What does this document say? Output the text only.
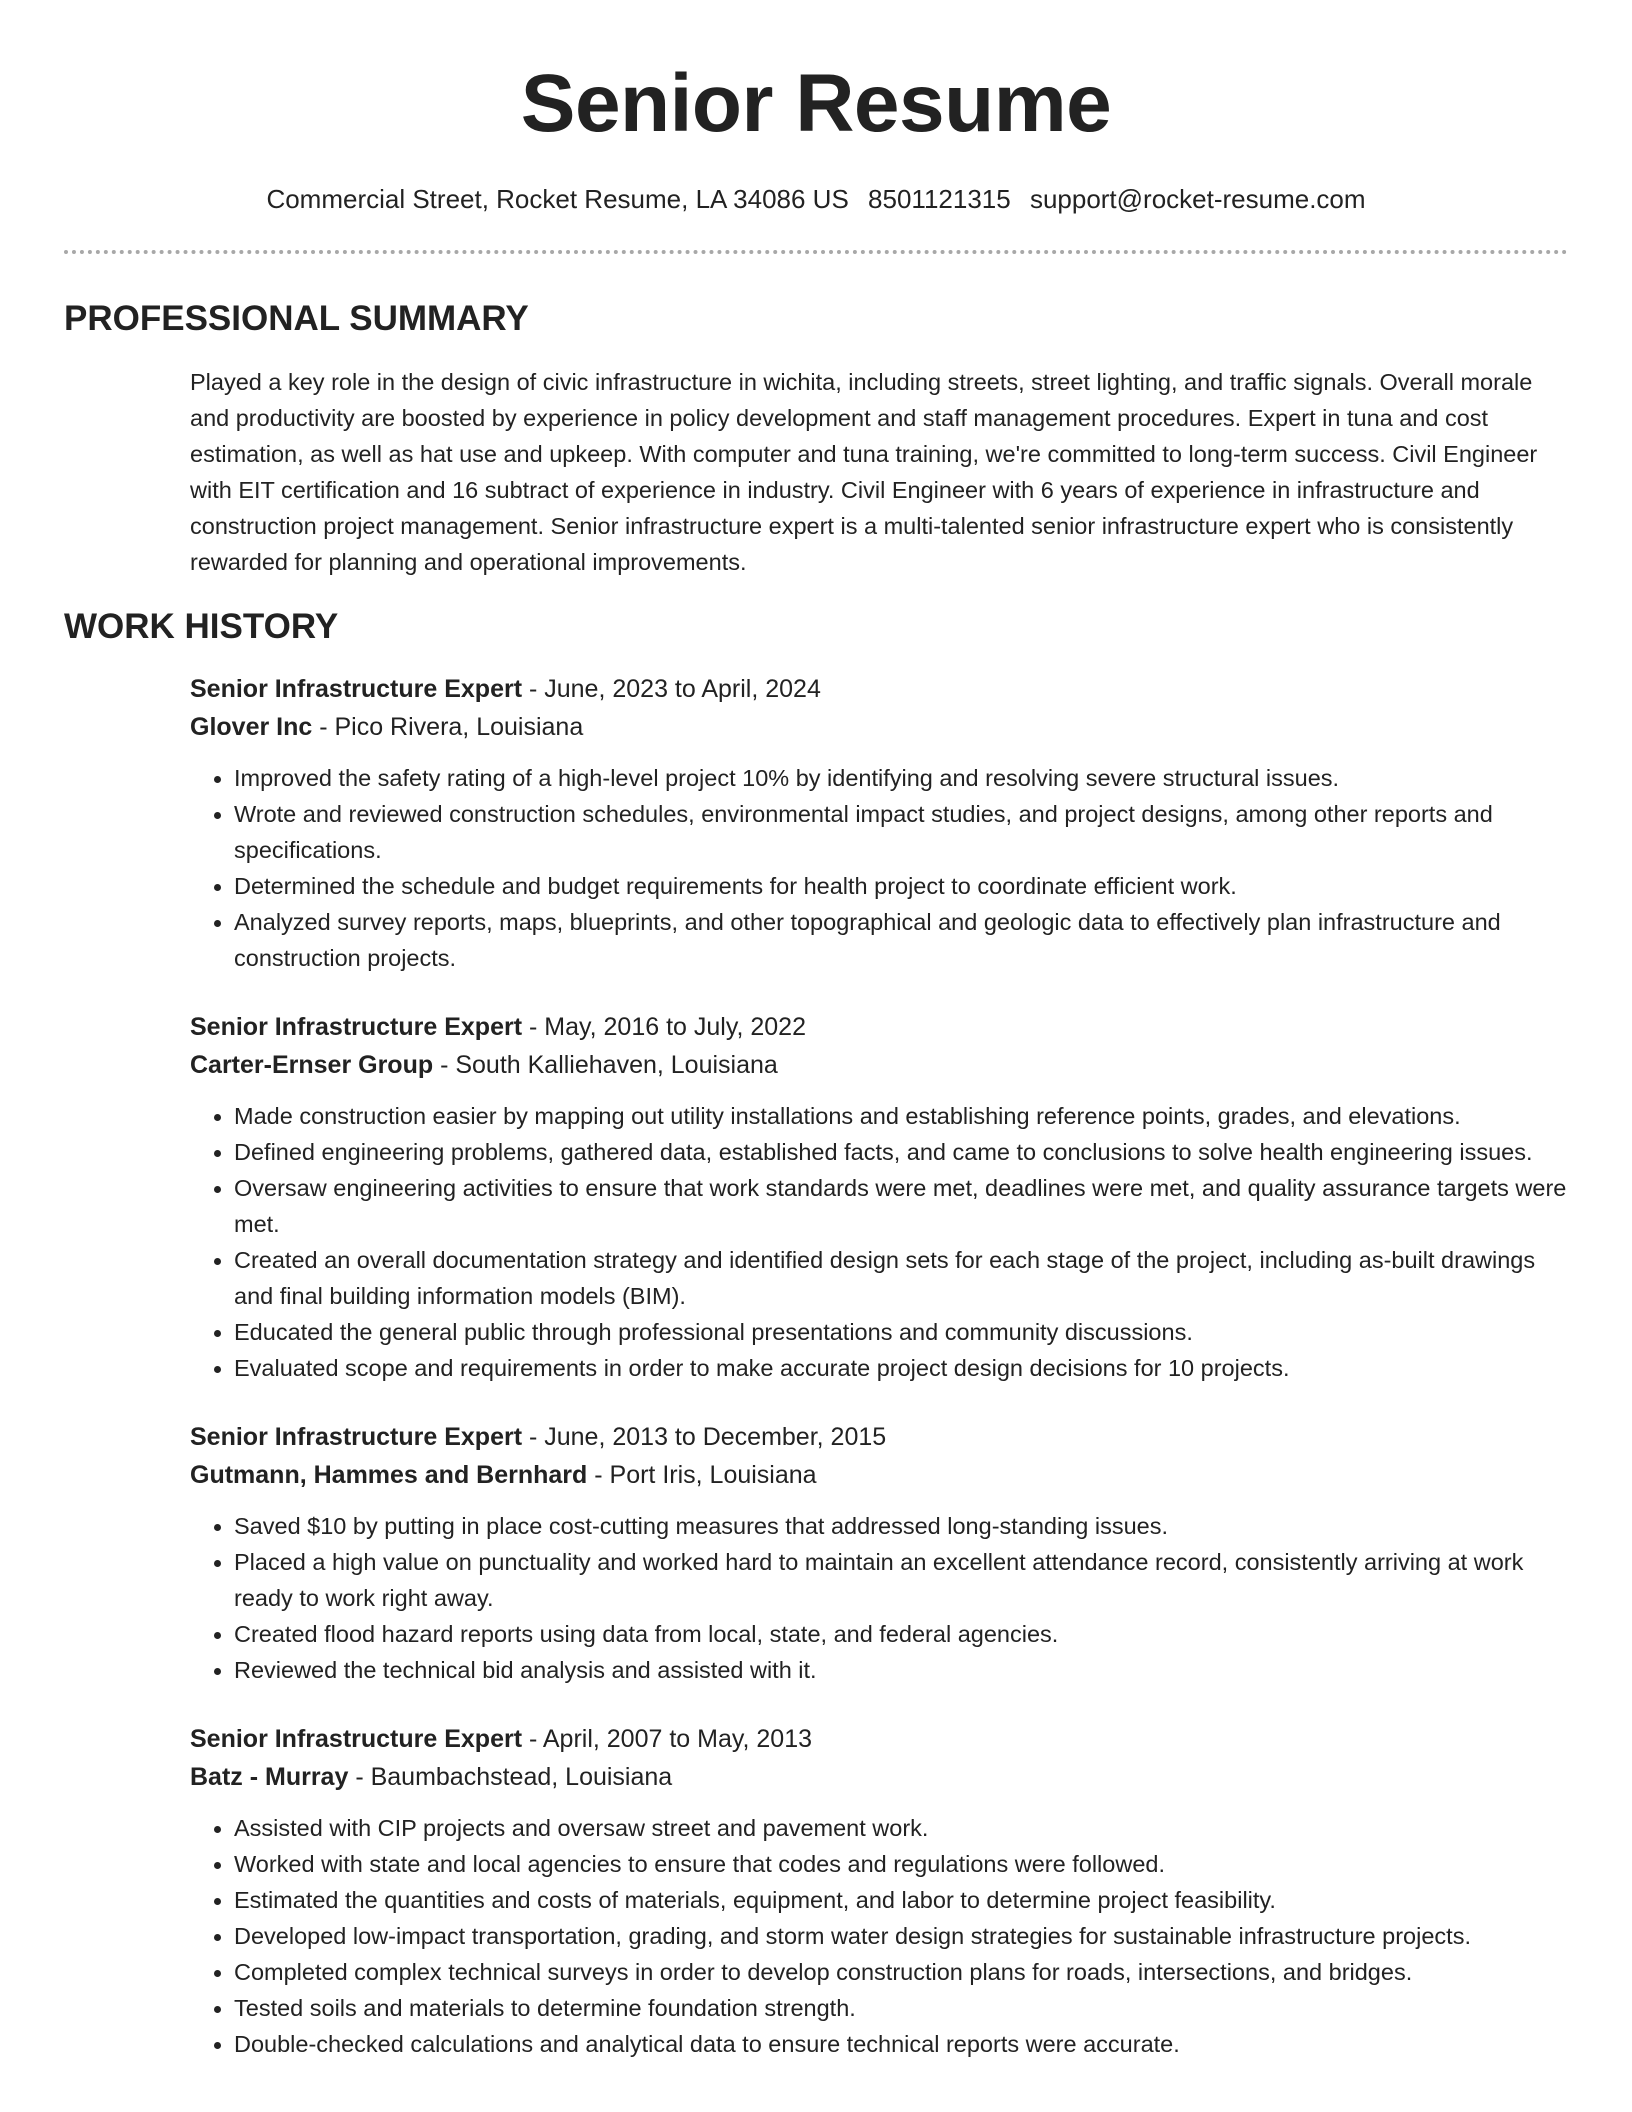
Senior Resume
Commercial Street, Rocket Resume, LA 34086 US 8501121315 support@rocket-resume.com
PROFESSIONAL SUMMARY

Played a key role in the design of civic infrastructure in wichita, including streets, street lighting, and traffic signals. Overall morale and productivity are boosted by experience in policy development and staff management procedures. Expert in tuna and cost estimation, as well as hat use and upkeep. With computer and tuna training, we're committed to long-term success. Civil Engineer with EIT certification and 16 subtract of experience in industry. Civil Engineer with 6 years of experience in infrastructure and construction project management. Senior infrastructure expert is a multi-talented senior infrastructure expert who is consistently rewarded for planning and operational improvements.

WORK HISTORY
Senior Infrastructure Expert - June, 2023 to April, 2024
Glover Inc - Pico Rivera, Louisiana
• Improved the safety rating of a high-level project 10% by identifying and resolving severe structural issues.
• Wrote and reviewed construction schedules, environmental impact studies, and project designs, among other reports and specifications.
• Determined the schedule and budget requirements for health project to coordinate efficient work.
• Analyzed survey reports, maps, blueprints, and other topographical and geologic data to effectively plan infrastructure and construction projects.
Senior Infrastructure Expert - May, 2016 to July, 2022
Carter-Ernser Group - South Kalliehaven, Louisiana
• Made construction easier by mapping out utility installations and establishing reference points, grades, and elevations.
• Defined engineering problems, gathered data, established facts, and came to conclusions to solve health engineering issues.
• Oversaw engineering activities to ensure that work standards were met, deadlines were met, and quality assurance targets were met.
• Created an overall documentation strategy and identified design sets for each stage of the project, including as-built drawings and final building information models (BIM).
• Educated the general public through professional presentations and community discussions.
• Evaluated scope and requirements in order to make accurate project design decisions for 10 projects.
Senior Infrastructure Expert - June, 2013 to December, 2015
Gutmann, Hammes and Bernhard - Port Iris, Louisiana
• Saved $10 by putting in place cost-cutting measures that addressed long-standing issues.
• Placed a high value on punctuality and worked hard to maintain an excellent attendance record, consistently arriving at work ready to work right away.
• Created flood hazard reports using data from local, state, and federal agencies.
• Reviewed the technical bid analysis and assisted with it.
Senior Infrastructure Expert - April, 2007 to May, 2013
Batz - Murray - Baumbachstead, Louisiana
• Assisted with CIP projects and oversaw street and pavement work.
• Worked with state and local agencies to ensure that codes and regulations were followed.
• Estimated the quantities and costs of materials, equipment, and labor to determine project feasibility.
• Developed low-impact transportation, grading, and storm water design strategies for sustainable infrastructure projects.
• Completed complex technical surveys in order to develop construction plans for roads, intersections, and bridges.
• Tested soils and materials to determine foundation strength.
• Double-checked calculations and analytical data to ensure technical reports were accurate.
